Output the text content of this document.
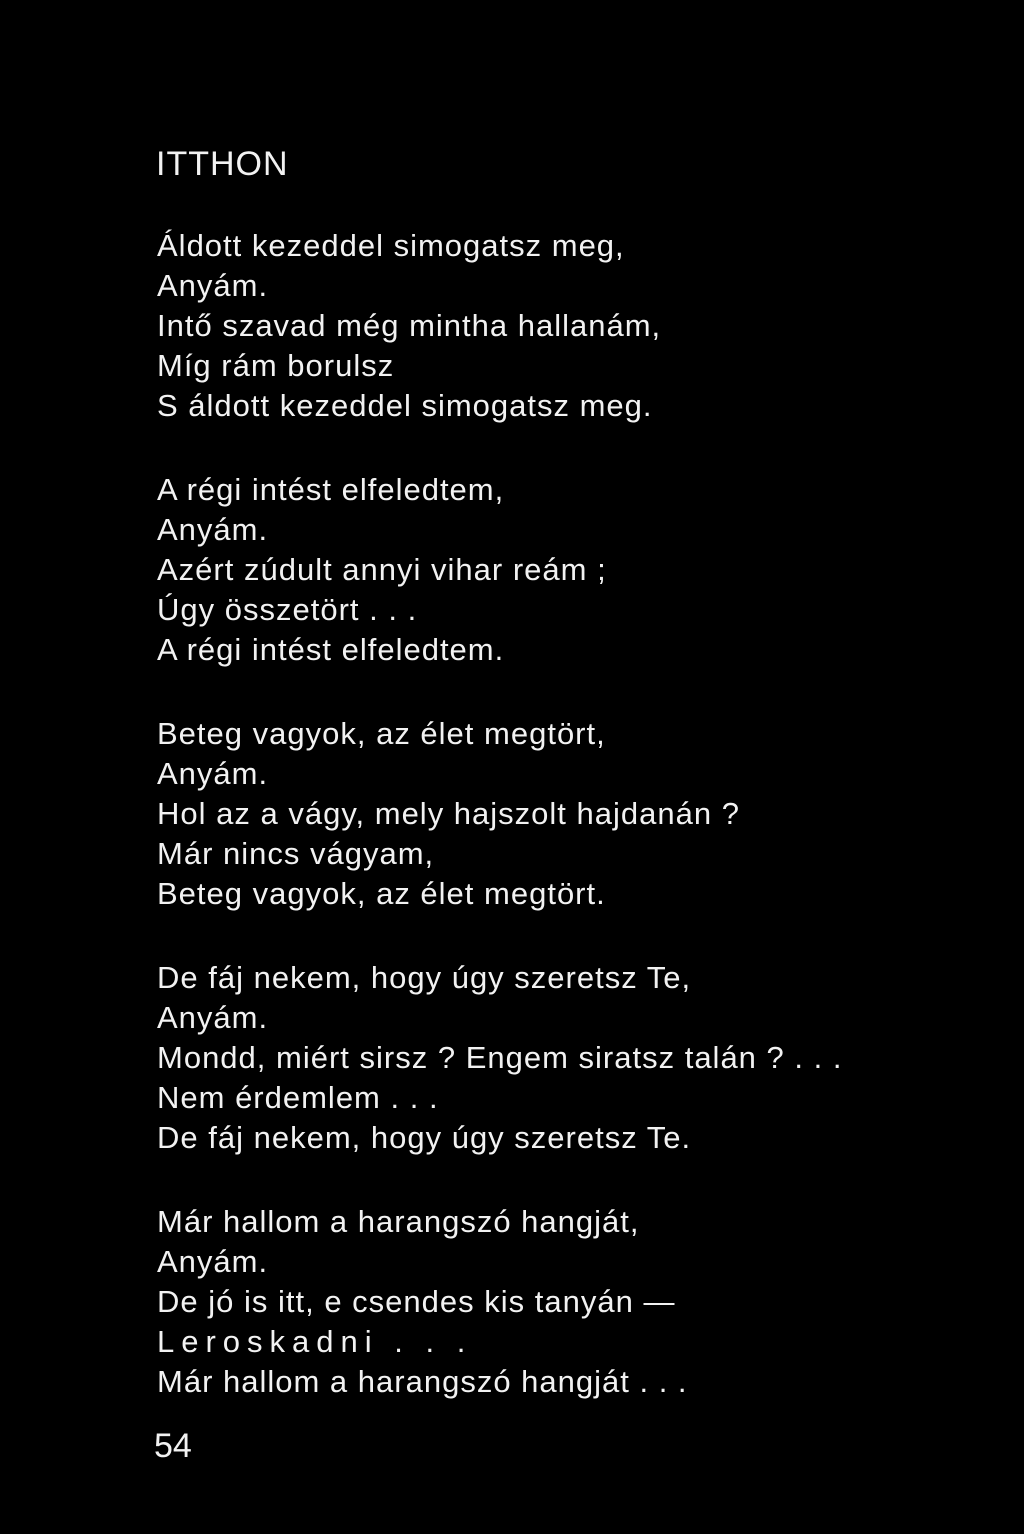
ITTHON
Áldott kezeddel simogatsz meg,
Anyám.
Intő szavad még mintha hallanám,
Míg rám borulsz
S áldott kezeddel simogatsz meg.
A régi intést elfeledtem,
Anyám.
Azért zúdult annyi vihar reám ;
Úgy összetört . . .
A régi intést elfeledtem.
Beteg vagyok, az élet megtört,
Anyám.
Hol az a vágy, mely hajszolt hajdanán ?
Már nincs vágyam,
Beteg vagyok, az élet megtört.
De fáj nekem, hogy úgy szeretsz Te,
Anyám.
Mondd, miért sirsz ? Engem siratsz talán ? . . .
Nem érdemlem . . .
De fáj nekem, hogy úgy szeretsz Te.
Már hallom a harangszó hangját,
Anyám.
De jó is itt, e csendes kis tanyán —
Leroskadni . . .
Már hallom a harangszó hangját . . .
54
